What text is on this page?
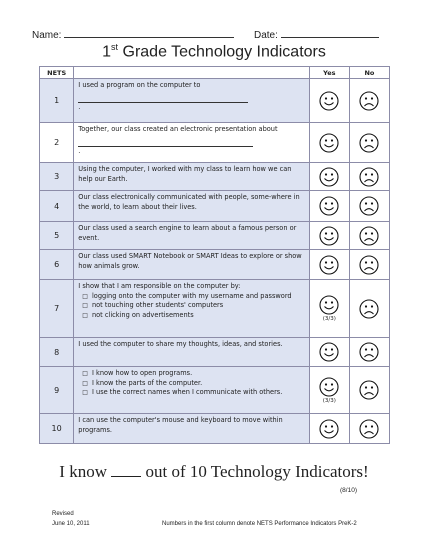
Name:	Date:
1st Grade Technology Indicators
NETS		Yes	No
1	I used a program on the computer to
.		
2	Together, our class created an electronic presentation about
.		
3	Using the computer, I worked with my class to learn how we can help our Earth.		
4	Our class electronically communicated with people, some-where in the world, to learn about their lives.		
5	Our class used a search engine to learn about a famous person or event.		
6	Our class used SMART Notebook or SMART Ideas to explore or show how animals grow.		
7	I show that I am responsible on the computer by:
□ logging onto the computer with my username and password
□ not touching other students' computers
□ not clicking on advertisements	(3/3)

8	I used the computer to share my thoughts, ideas, and stories.		
9	□ I know how to open programs.
□ I know the parts of the computer.
□ I use the correct names when I communicate with others.	(3/3)

10	I can use the computer's mouse and keyboard to move within programs.		
I know  out of 10 Technology Indicators!
(8/10)
Revised
June 10, 2011	Numbers in the first column denote NETS Performance Indicators PreK-2
